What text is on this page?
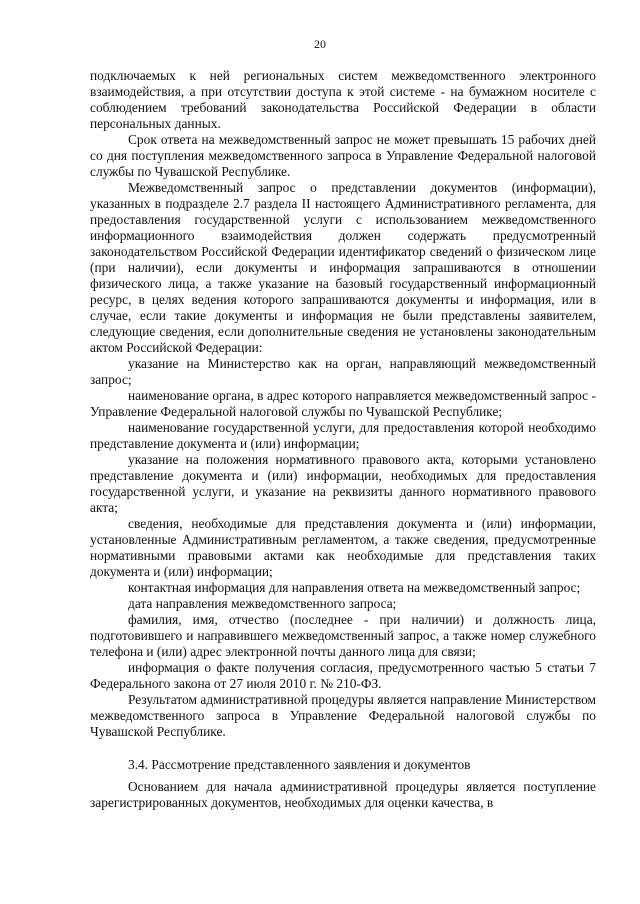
20

подключаемых к ней региональных систем межведомственного электронного взаимодействия, а при отсутствии доступа к этой системе - на бумажном носителе с соблюдением требований законодательства Российской Федерации в области персональных данных.

Срок ответа на межведомственный запрос не может превышать 15 рабочих дней со дня поступления межведомственного запроса в Управление Федеральной налоговой службы по Чувашской Республике.

Межведомственный запрос о представлении документов (информации), указанных в подразделе 2.7 раздела II настоящего Административного регламента, для предоставления государственной услуги с использованием межведомственного информационного взаимодействия должен содержать предусмотренный законодательством Российской Федерации идентификатор сведений о физическом лице (при наличии), если документы и информация запрашиваются в отношении физического лица, а также указание на базовый государственный информационный ресурс, в целях ведения которого запрашиваются документы и информация, или в случае, если такие документы и информация не были представлены заявителем, следующие сведения, если дополнительные сведения не установлены законодательным актом Российской Федерации:

указание на Министерство как на орган, направляющий межведомственный запрос;

наименование органа, в адрес которого направляется межведомственный запрос - Управление Федеральной налоговой службы по Чувашской Республике;

наименование государственной услуги, для предоставления которой необходимо представление документа и (или) информации;

указание на положения нормативного правового акта, которыми установлено представление документа и (или) информации, необходимых для предоставления государственной услуги, и указание на реквизиты данного нормативного правового акта;

сведения, необходимые для представления документа и (или) информации, установленные Административным регламентом, а также сведения, предусмотренные нормативными правовыми актами как необходимые для представления таких документа и (или) информации;

контактная информация для направления ответа на межведомственный запрос;

дата направления межведомственного запроса;

фамилия, имя, отчество (последнее - при наличии) и должность лица, подготовившего и направившего межведомственный запрос, а также номер служебного телефона и (или) адрес электронной почты данного лица для связи;

информация о факте получения согласия, предусмотренного частью 5 статьи 7 Федерального закона от 27 июля 2010 г. № 210-ФЗ.

Результатом административной процедуры является направление Министерством межведомственного запроса в Управление Федеральной налоговой службы по Чувашской Республике.

3.4. Рассмотрение представленного заявления и документов

Основанием для начала административной процедуры является поступление зарегистрированных документов, необходимых для оценки качества, в
